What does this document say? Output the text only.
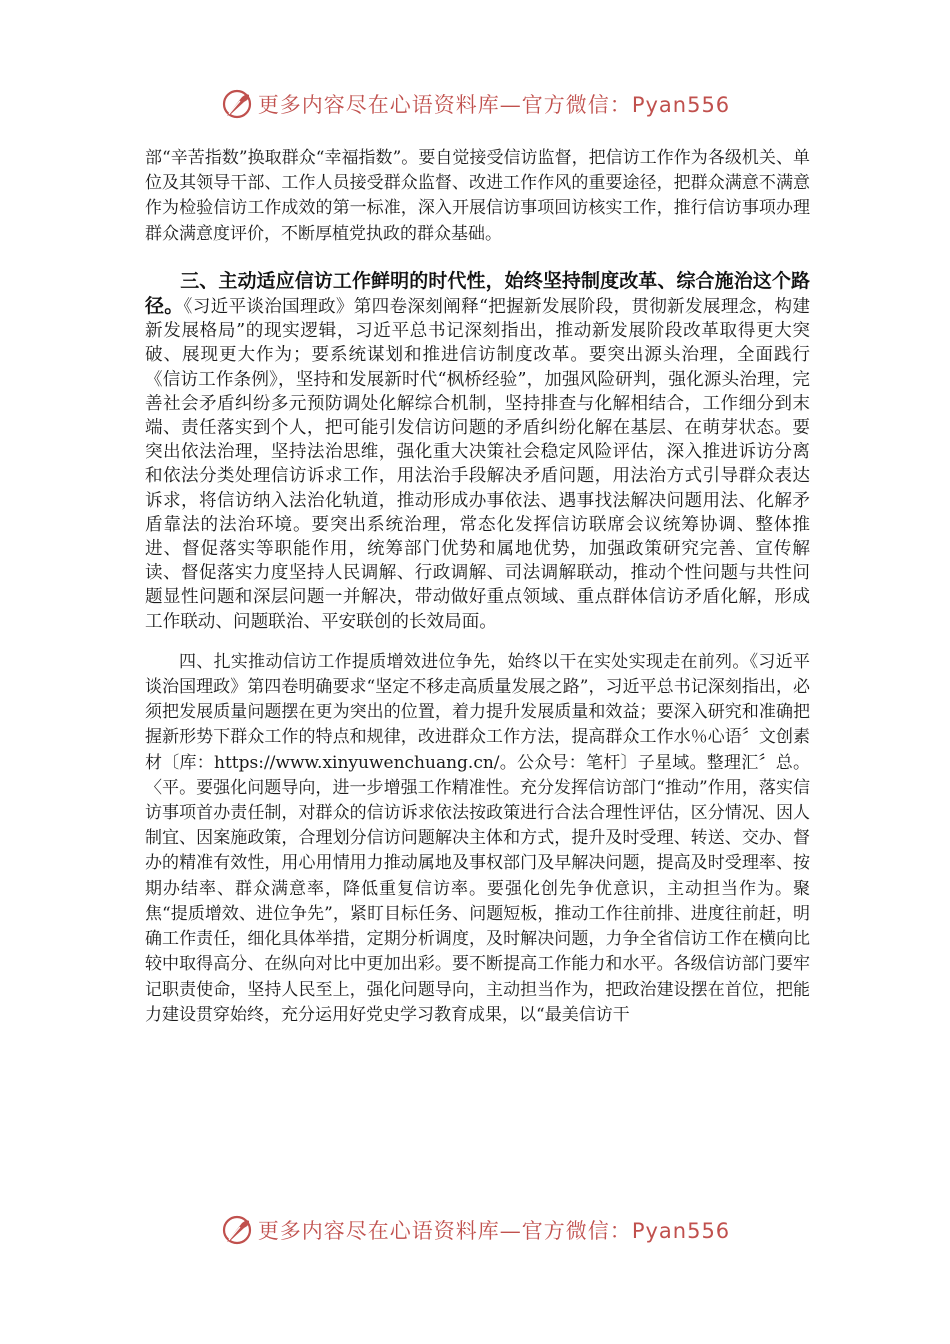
更多内容尽在心语资料库—官方微信：Pyan556

部“辛苦指数”换取群众“幸福指数”。要自觉接受信访监督，把信访工作作为各级机关、单位及其领导干部、工作人员接受群众监督、改进工作作风的重要途径，把群众满意不满意作为检验信访工作成效的第一标准，深入开展信访事项回访核实工作，推行信访事项办理群众满意度评价，不断厚植党执政的群众基础。

三、主动适应信访工作鲜明的时代性，始终坚持制度改革、综合施治这个路径。《习近平谈治国理政》第四卷深刻阐释“把握新发展阶段，贯彻新发展理念，构建新发展格局”的现实逻辑，习近平总书记深刻指出，推动新发展阶段改革取得更大突破、展现更大作为；要系统谋划和推进信访制度改革。要突出源头治理，全面践行《信访工作条例》，坚持和发展新时代“枫桥经验”，加强风险研判，强化源头治理，完善社会矛盾纠纷多元预防调处化解综合机制，坚持排查与化解相结合，工作细分到末端、责任落实到个人，把可能引发信访问题的矛盾纠纷化解在基层、在萌芽状态。要突出依法治理，坚持法治思维，强化重大决策社会稳定风险评估，深入推进诉访分离和依法分类处理信访诉求工作，用法治手段解决矛盾问题，用法治方式引导群众表达诉求，将信访纳入法治化轨道，推动形成办事依法、遇事找法解决问题用法、化解矛盾靠法的法治环境。要突出系统治理，常态化发挥信访联席会议统筹协调、整体推进、督促落实等职能作用，统筹部门优势和属地优势，加强政策研究完善、宣传解读、督促落实力度坚持人民调解、行政调解、司法调解联动，推动个性问题与共性问题显性问题和深层问题一并解决，带动做好重点领域、重点群体信访矛盾化解，形成工作联动、问题联治、平安联创的长效局面。

四、扎实推动信访工作提质增效进位争先，始终以干在实处实现走在前列。《习近平谈治国理政》第四卷明确要求“坚定不移走高质量发展之路”，习近平总书记深刻指出，必须把发展质量问题摆在更为突出的位置，着力提升发展质量和效益；要深入研究和准确把握新形势下群众工作的特点和规律，改进群众工作方法，提高群众工作水％心语〞文创素材〔库：https://www.xinyuwenchuang.cn/。公众号：笔杆〕子星域。整理汇〞总。〈平。要强化问题导向，进一步增强工作精准性。充分发挥信访部门“推动”作用，落实信访事项首办责任制，对群众的信访诉求依法按政策进行合法合理性评估，区分情况、因人制宜、因案施政策，合理划分信访问题解决主体和方式，提升及时受理、转送、交办、督办的精准有效性，用心用情用力推动属地及事权部门及早解决问题，提高及时受理率、按期办结率、群众满意率，降低重复信访率。要强化创先争优意识，主动担当作为。聚焦“提质增效、进位争先”，紧盯目标任务、问题短板，推动工作往前排、进度往前赶，明确工作责任，细化具体举措，定期分析调度，及时解决问题，力争全省信访工作在横向比较中取得高分、在纵向对比中更加出彩。要不断提高工作能力和水平。各级信访部门要牢记职责使命，坚持人民至上，强化问题导向，主动担当作为，把政治建设摆在首位，把能力建设贯穿始终，充分运用好党史学习教育成果，以“最美信访干

更多内容尽在心语资料库—官方微信：Pyan556
